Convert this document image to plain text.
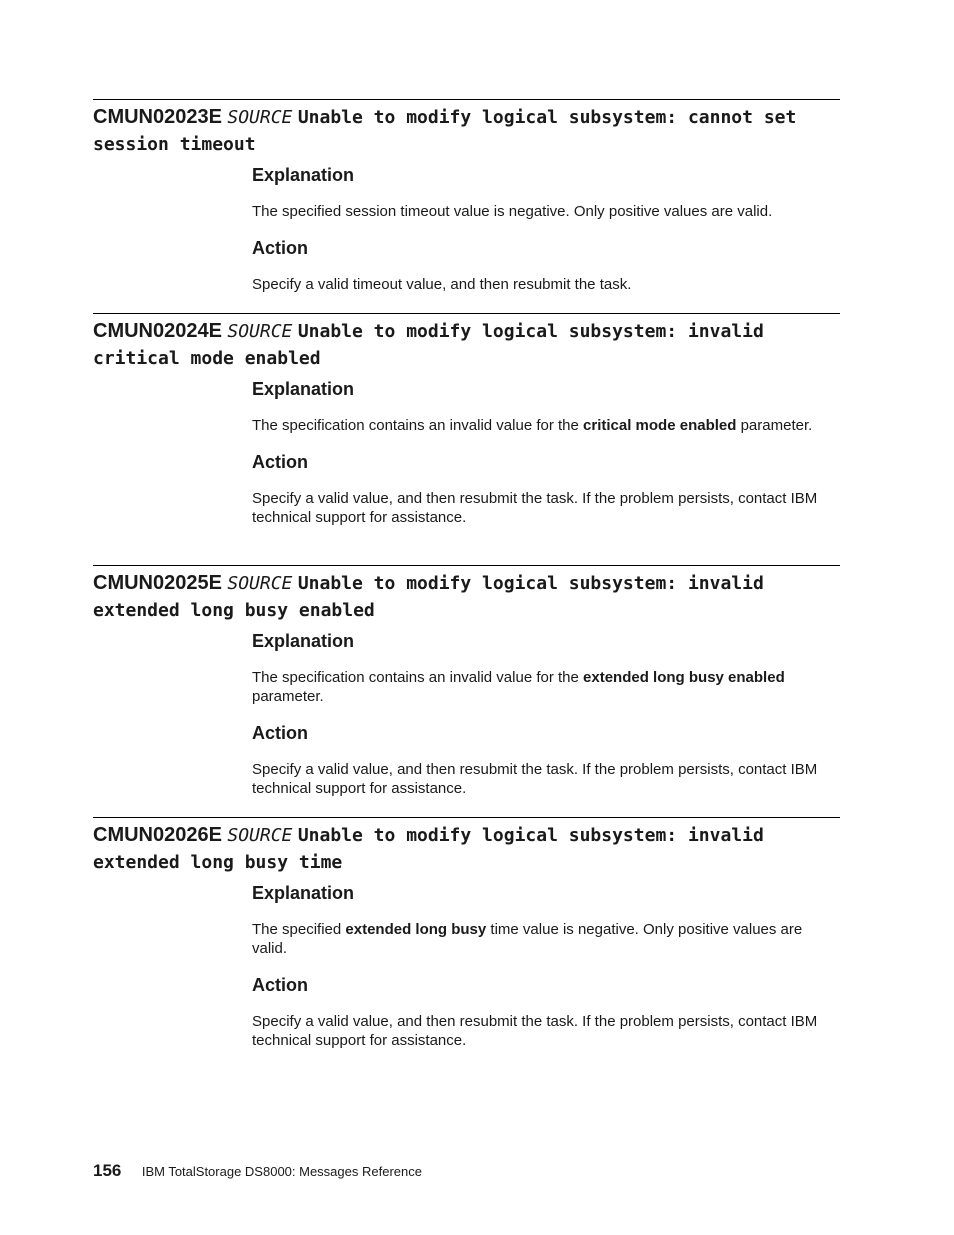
CMUN02023E SOURCE Unable to modify logical subsystem: cannot set session timeout

Explanation

The specified session timeout value is negative. Only positive values are valid.

Action

Specify a valid timeout value, and then resubmit the task.

CMUN02024E SOURCE Unable to modify logical subsystem: invalid critical mode enabled

Explanation

The specification contains an invalid value for the critical mode enabled parameter.

Action

Specify a valid value, and then resubmit the task. If the problem persists, contact IBM technical support for assistance.

CMUN02025E SOURCE Unable to modify logical subsystem: invalid extended long busy enabled

Explanation

The specification contains an invalid value for the extended long busy enabled parameter.

Action

Specify a valid value, and then resubmit the task. If the problem persists, contact IBM technical support for assistance.

CMUN02026E SOURCE Unable to modify logical subsystem: invalid extended long busy time

Explanation

The specified extended long busy time value is negative. Only positive values are valid.

Action

Specify a valid value, and then resubmit the task. If the problem persists, contact IBM technical support for assistance.

156 IBM TotalStorage DS8000: Messages Reference
